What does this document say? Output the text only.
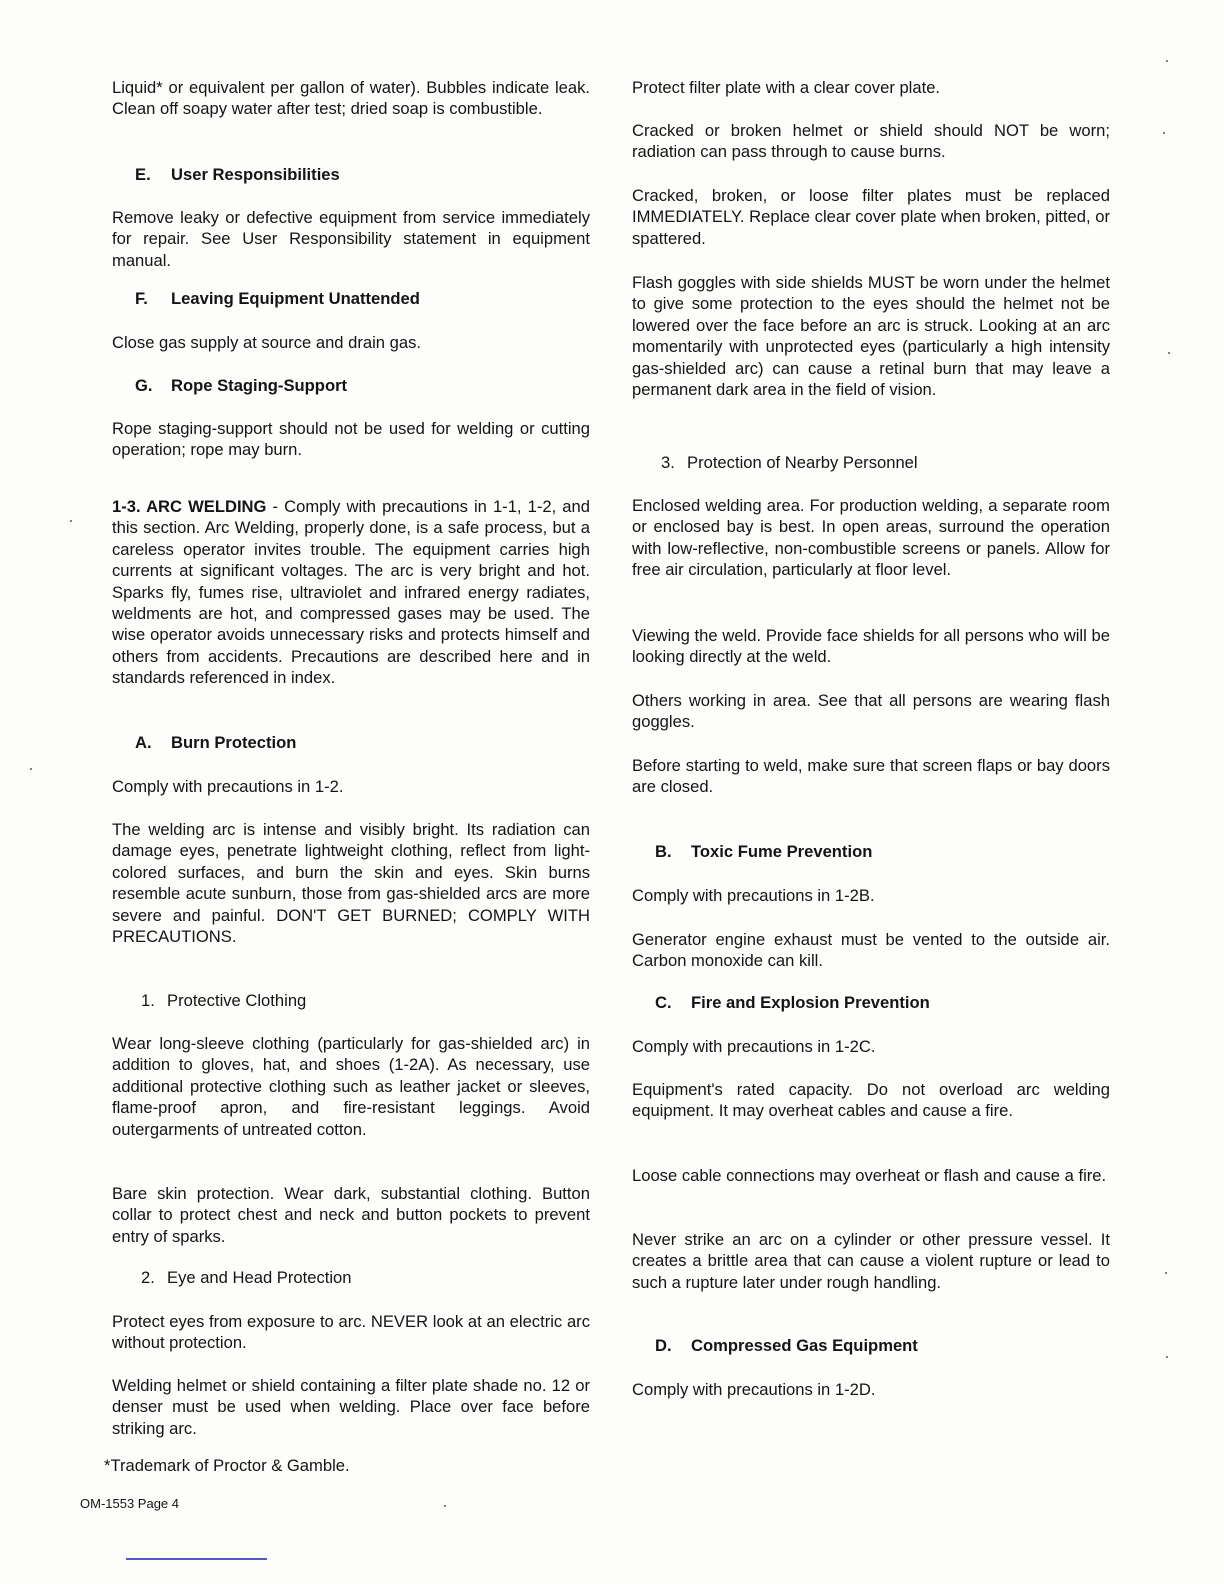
Liquid* or equivalent per gallon of water). Bubbles indicate leak. Clean off soapy water after test; dried soap is combustible.

E. User Responsibilities

Remove leaky or defective equipment from service immediately for repair. See User Responsibility statement in equipment manual.

F. Leaving Equipment Unattended

Close gas supply at source and drain gas.

G. Rope Staging-Support

Rope staging-support should not be used for welding or cutting operation; rope may burn.

1-3. ARC WELDING - Comply with precautions in 1-1, 1-2, and this section. Arc Welding, properly done, is a safe process, but a careless operator invites trouble. The equipment carries high currents at significant voltages. The arc is very bright and hot. Sparks fly, fumes rise, ultraviolet and infrared energy radiates, weldments are hot, and compressed gases may be used. The wise operator avoids unnecessary risks and protects himself and others from accidents. Precautions are described here and in standards referenced in index.

A. Burn Protection

Comply with precautions in 1-2.

The welding arc is intense and visibly bright. Its radiation can damage eyes, penetrate lightweight clothing, reflect from light-colored surfaces, and burn the skin and eyes. Skin burns resemble acute sunburn, those from gas-shielded arcs are more severe and painful. DON'T GET BURNED; COMPLY WITH PRECAUTIONS.

1. Protective Clothing

Wear long-sleeve clothing (particularly for gas-shielded arc) in addition to gloves, hat, and shoes (1-2A). As necessary, use additional protective clothing such as leather jacket or sleeves, flame-proof apron, and fire-resistant leggings. Avoid outergarments of untreated cotton.

Bare skin protection. Wear dark, substantial clothing. Button collar to protect chest and neck and button pockets to prevent entry of sparks.

2. Eye and Head Protection

Protect eyes from exposure to arc. NEVER look at an electric arc without protection.

Welding helmet or shield containing a filter plate shade no. 12 or denser must be used when welding. Place over face before striking arc.

Protect filter plate with a clear cover plate.

Cracked or broken helmet or shield should NOT be worn; radiation can pass through to cause burns.

Cracked, broken, or loose filter plates must be replaced IMMEDIATELY. Replace clear cover plate when broken, pitted, or spattered.

Flash goggles with side shields MUST be worn under the helmet to give some protection to the eyes should the helmet not be lowered over the face before an arc is struck. Looking at an arc momentarily with unprotected eyes (particularly a high intensity gas-shielded arc) can cause a retinal burn that may leave a permanent dark area in the field of vision.

3. Protection of Nearby Personnel

Enclosed welding area. For production welding, a separate room or enclosed bay is best. In open areas, surround the operation with low-reflective, non-combustible screens or panels. Allow for free air circulation, particularly at floor level.

Viewing the weld. Provide face shields for all persons who will be looking directly at the weld.

Others working in area. See that all persons are wearing flash goggles.

Before starting to weld, make sure that screen flaps or bay doors are closed.

B. Toxic Fume Prevention

Comply with precautions in 1-2B.

Generator engine exhaust must be vented to the outside air. Carbon monoxide can kill.

C. Fire and Explosion Prevention

Comply with precautions in 1-2C.

Equipment's rated capacity. Do not overload arc welding equipment. It may overheat cables and cause a fire.

Loose cable connections may overheat or flash and cause a fire.

Never strike an arc on a cylinder or other pressure vessel. It creates a brittle area that can cause a violent rupture or lead to such a rupture later under rough handling.

D. Compressed Gas Equipment

Comply with precautions in 1-2D.

*Trademark of Proctor & Gamble.
OM-1553 Page 4
